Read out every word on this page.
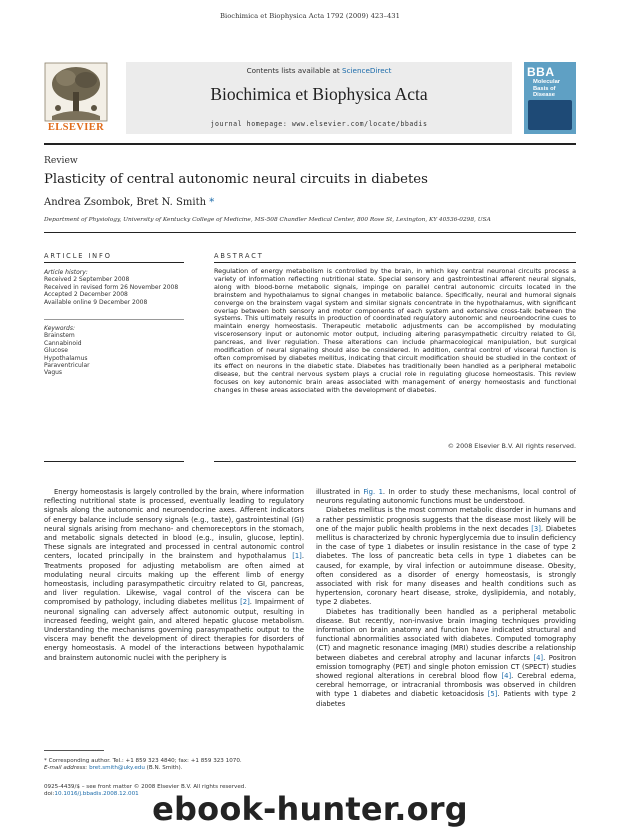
Biochimica et Biophysica Acta 1792 (2009) 423–431
ELSEVIER
Contents lists available at ScienceDirect
Biochimica et Biophysica Acta
journal homepage: www.elsevier.com/locate/bbadis
BBA
Molecular Basis of Disease
Review
Plasticity of central autonomic neural circuits in diabetes
Andrea Zsombok, Bret N. Smith *
Department of Physiology, University of Kentucky College of Medicine, MS-508 Chandler Medical Center, 800 Rose St, Lexington, KY 40536-0298, USA
ARTICLE INFO	ABSTRACT
Article history:
Received 2 September 2008
Received in revised form 26 November 2008
Accepted 2 December 2008
Available online 9 December 2008
Keywords:
Brainstem
Cannabinoid
Glucose
Hypothalamus
Paraventricular
Vagus
Regulation of energy metabolism is controlled by the brain, in which key central neuronal circuits process a variety of information reflecting nutritional state. Special sensory and gastrointestinal afferent neural signals, along with blood-borne metabolic signals, impinge on parallel central autonomic circuits located in the brainstem and hypothalamus to signal changes in metabolic balance. Specifically, neural and humoral signals converge on the brainstem vagal system and similar signals concentrate in the hypothalamus, with significant overlap between both sensory and motor components of each system and extensive cross-talk between the systems. This ultimately results in production of coordinated regulatory autonomic and neuroendocrine cues to maintain energy homeostasis. Therapeutic metabolic adjustments can be accomplished by modulating viscerosensory input or autonomic motor output, including altering parasympathetic circuitry related to GI, pancreas, and liver regulation. These alterations can include pharmacological manipulation, but surgical modification of neural signaling should also be considered. In addition, central control of visceral function is often compromised by diabetes mellitus, indicating that circuit modification should be studied in the context of its effect on neurons in the diabetic state. Diabetes has traditionally been handled as a peripheral metabolic disease, but the central nervous system plays a crucial role in regulating glucose homeostasis. This review focuses on key autonomic brain areas associated with management of energy homeostasis and functional changes in these areas associated with the development of diabetes.
© 2008 Elsevier B.V. All rights reserved.

Energy homeostasis is largely controlled by the brain, where information reflecting nutritional state is processed, eventually leading to regulatory signals along the autonomic and neuroendocrine axes. Afferent indicators of energy balance include sensory signals (e.g., taste), gastrointestinal (GI) neural signals arising from mechano- and chemoreceptors in the stomach, and metabolic signals detected in blood (e.g., insulin, glucose, leptin). These signals are integrated and processed in central autonomic control centers, located principally in the brainstem and hypothalamus [1]. Treatments proposed for adjusting metabolism are often aimed at modulating neural circuits making up the efferent limb of energy homeostasis, including parasympathetic circuitry related to GI, pancreas, and liver regulation. Likewise, vagal control of the viscera can be compromised by pathology, including diabetes mellitus [2]. Impairment of neuronal signaling can adversely affect autonomic output, resulting in increased feeding, weight gain, and altered hepatic glucose metabolism. Understanding the mechanisms governing parasympathetic output to the viscera may benefit the development of direct therapies for disorders of energy homeostasis. A model of the interactions between hypothalamic and brainstem autonomic nuclei with the periphery is

illustrated in Fig. 1. In order to study these mechanisms, local control of neurons regulating autonomic functions must be understood.

Diabetes mellitus is the most common metabolic disorder in humans and a rather pessimistic prognosis suggests that the disease most likely will be one of the major public health problems in the next decades [3]. Diabetes mellitus is characterized by chronic hyperglycemia due to insulin deficiency in the case of type 1 diabetes or insulin resistance in the case of type 2 diabetes. The loss of pancreatic beta cells in type 1 diabetes can be caused, for example, by viral infection or autoimmune disease. Obesity, often considered as a disorder of energy homeostasis, is strongly associated with risk for many diseases and health conditions such as hypertension, coronary heart disease, stroke, dyslipidemia, and notably, type 2 diabetes.

Diabetes has traditionally been handled as a peripheral metabolic disease. But recently, non-invasive brain imaging techniques providing information on brain anatomy and function have indicated structural and functional abnormalities associated with diabetes. Computed tomography (CT) and magnetic resonance imaging (MRI) studies describe a relationship between diabetes and cerebral atrophy and lacunar infarcts [4]. Positron emission tomography (PET) and single photon emission CT (SPECT) studies showed regional alterations in cerebral blood flow [4]. Cerebral edema, cerebral hemorrage, or intracranial thrombosis was observed in children with type 1 diabetes and diabetic ketoacidosis [5]. Patients with type 2 diabetes

* Corresponding author. Tel.: +1 859 323 4840; fax: +1 859 323 1070.
E-mail address: bret.smith@uky.edu (B.N. Smith).
0925-4439/$ – see front matter © 2008 Elsevier B.V. All rights reserved.
doi:10.1016/j.bbadis.2008.12.001 ebook-hunter.org
